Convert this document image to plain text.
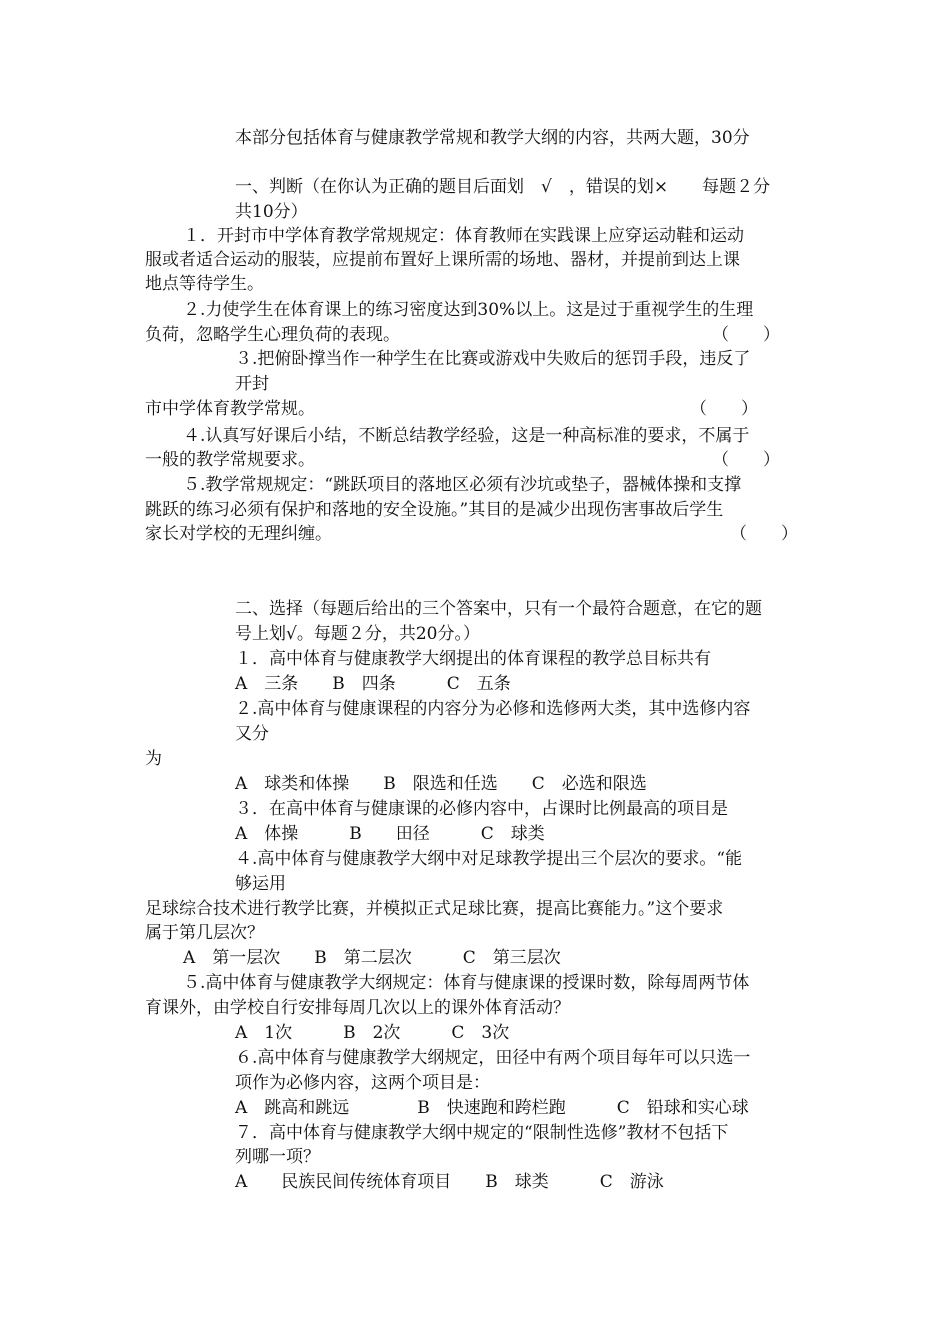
本部分包括体育与健康教学常规和教学大纲的内容，共两大题，30分
一、判断（在你认为正确的题目后面划　√　，错误的划×　　每题２分
共10分）
１．开封市中学体育教学常规规定：体育教师在实践课上应穿运动鞋和运动
服或者适合运动的服装，应提前布置好上课所需的场地、器材，并提前到达上课
地点等待学生。
２.力使学生在体育课上的练习密度达到30%以上。这是过于重视学生的生理
负荷，忽略学生心理负荷的表现。	（　　）
３.把俯卧撑当作一种学生在比赛或游戏中失败后的惩罚手段，违反了
开封
市中学体育教学常规。	（　　）
４.认真写好课后小结，不断总结教学经验，这是一种高标准的要求，不属于
一般的教学常规要求。	（　　）
５.教学常规规定：“跳跃项目的落地区必须有沙坑或垫子，器械体操和支撑
跳跃的练习必须有保护和落地的安全设施。”其目的是减少出现伤害事故后学生
家长对学校的无理纠缠。	（　　）
二、选择（每题后给出的三个答案中，只有一个最符合题意，在它的题
号上划√。每题２分，共20分。）
１．高中体育与健康教学大纲提出的体育课程的教学总目标共有
A　三条　　B　四条　　　C　五条
２.高中体育与健康课程的内容分为必修和选修两大类，其中选修内容
又分
为
A　球类和体操　　B　限选和任选　　C　必选和限选
３．在高中体育与健康课的必修内容中，占课时比例最高的项目是
A　体操　　　B　　田径　　　C　球类
４.高中体育与健康教学大纲中对足球教学提出三个层次的要求。“能
够运用
足球综合技术进行教学比赛，并模拟正式足球比赛，提高比赛能力。”这个要求
属于第几层次？
A　第一层次　　B　第二层次　　　C　第三层次
５.高中体育与健康教学大纲规定：体育与健康课的授课时数，除每周两节体
育课外，由学校自行安排每周几次以上的课外体育活动？
A　1次　　　B　2次　　　C　3次
６.高中体育与健康教学大纲规定，田径中有两个项目每年可以只选一
项作为必修内容，这两个项目是：
A　跳高和跳远　　　　B　快速跑和跨栏跑　　　C　铅球和实心球
７．高中体育与健康教学大纲中规定的“限制性选修”教材不包括下
列哪一项？
A　　民族民间传统体育项目　　B　球类　　　C　游泳
